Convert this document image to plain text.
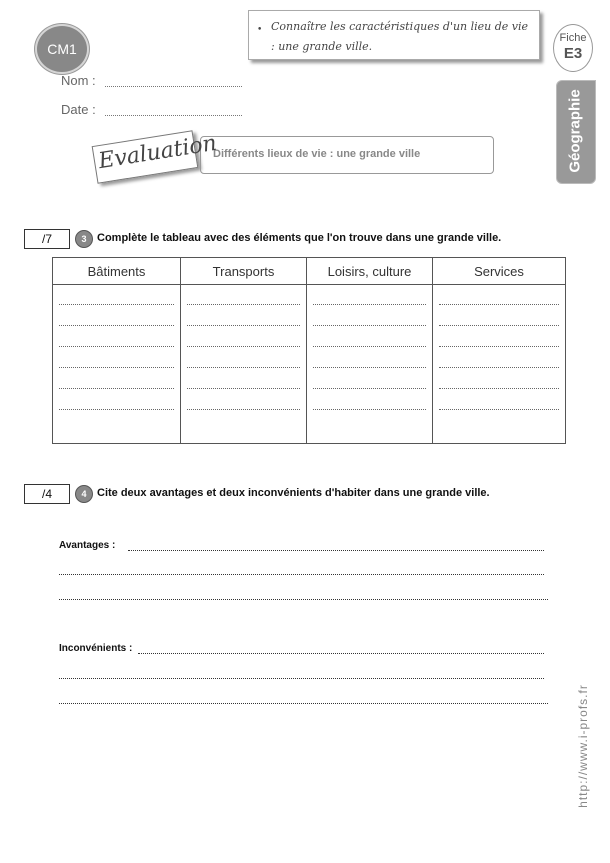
CM1
Nom :
Date :
• Connaître les caractéristiques d'un lieu de vie : une grande ville.
Fiche
E3
Géographie
Différents lieux de vie : une grande ville
Evaluation
/7	3 Complète le tableau avec des éléments que l'on trouve dans une grande ville.
Bâtiments	Transports	Loisirs, culture	Services
/4	4 Cite deux avantages et deux inconvénients d'habiter dans une grande ville.
Avantages :
Inconvénients :
http://www.i-profs.fr
